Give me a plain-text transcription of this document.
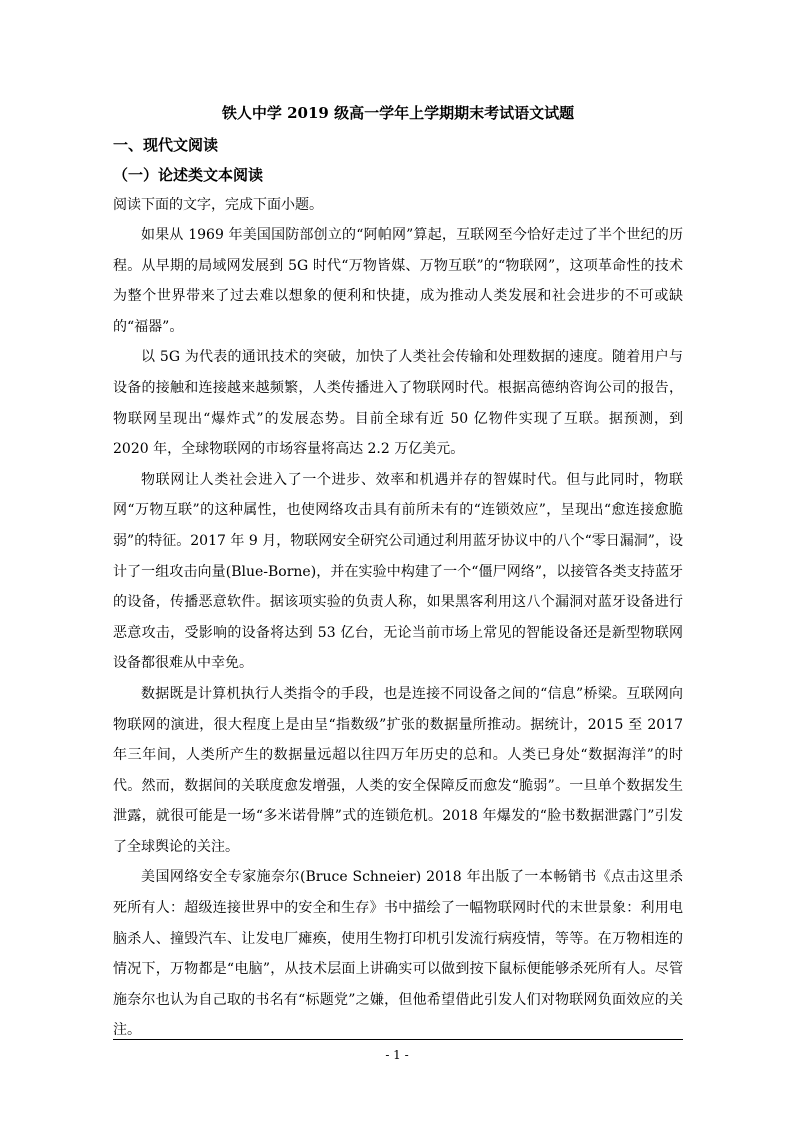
铁人中学 2019 级高一学年上学期期末考试语文试题
一、现代文阅读
（一）论述类文本阅读
阅读下面的文字，完成下面小题。

如果从 1969 年美国国防部创立的“阿帕网”算起，互联网至今恰好走过了半个世纪的历程。从早期的局域网发展到 5G 时代“万物皆媒、万物互联”的“物联网”，这项革命性的技术为整个世界带来了过去难以想象的便利和快捷，成为推动人类发展和社会进步的不可或缺的“福器”。

以 5G 为代表的通讯技术的突破，加快了人类社会传输和处理数据的速度。随着用户与设备的接触和连接越来越频繁，人类传播进入了物联网时代。根据高德纳咨询公司的报告，物联网呈现出“爆炸式”的发展态势。目前全球有近 50 亿物件实现了互联。据预测，到 2020 年，全球物联网的市场容量将高达 2.2 万亿美元。

物联网让人类社会进入了一个进步、效率和机遇并存的智媒时代。但与此同时，物联网“万物互联”的这种属性，也使网络攻击具有前所未有的“连锁效应”，呈现出“愈连接愈脆弱”的特征。2017 年 9 月，物联网安全研究公司通过利用蓝牙协议中的八个“零日漏洞”，设计了一组攻击向量(Blue-Borne)，并在实验中构建了一个“僵尸网络”，以接管各类支持蓝牙的设备，传播恶意软件。据该项实验的负责人称，如果黑客利用这八个漏洞对蓝牙设备进行恶意攻击，受影响的设备将达到 53 亿台，无论当前市场上常见的智能设备还是新型物联网设备都很难从中幸免。

数据既是计算机执行人类指令的手段，也是连接不同设备之间的“信息”桥梁。互联网向物联网的演进，很大程度上是由呈“指数级”扩张的数据量所推动。据统计，2015 至 2017 年三年间，人类所产生的数据量远超以往四万年历史的总和。人类已身处“数据海洋”的时代。然而，数据间的关联度愈发增强，人类的安全保障反而愈发“脆弱”。一旦单个数据发生泄露，就很可能是一场“多米诺骨牌”式的连锁危机。2018 年爆发的“脸书数据泄露门”引发了全球舆论的关注。

美国网络安全专家施奈尔(Bruce Schneier) 2018 年出版了一本畅销书《点击这里杀死所有人：超级连接世界中的安全和生存》书中描绘了一幅物联网时代的末世景象：利用电脑杀人、撞毁汽车、让发电厂瘫痪，使用生物打印机引发流行病疫情，等等。在万物相连的情况下，万物都是“电脑”，从技术层面上讲确实可以做到按下鼠标便能够杀死所有人。尽管施奈尔也认为自己取的书名有“标题党”之嫌，但他希望借此引发人们对物联网负面效应的关注。

- 1 -
